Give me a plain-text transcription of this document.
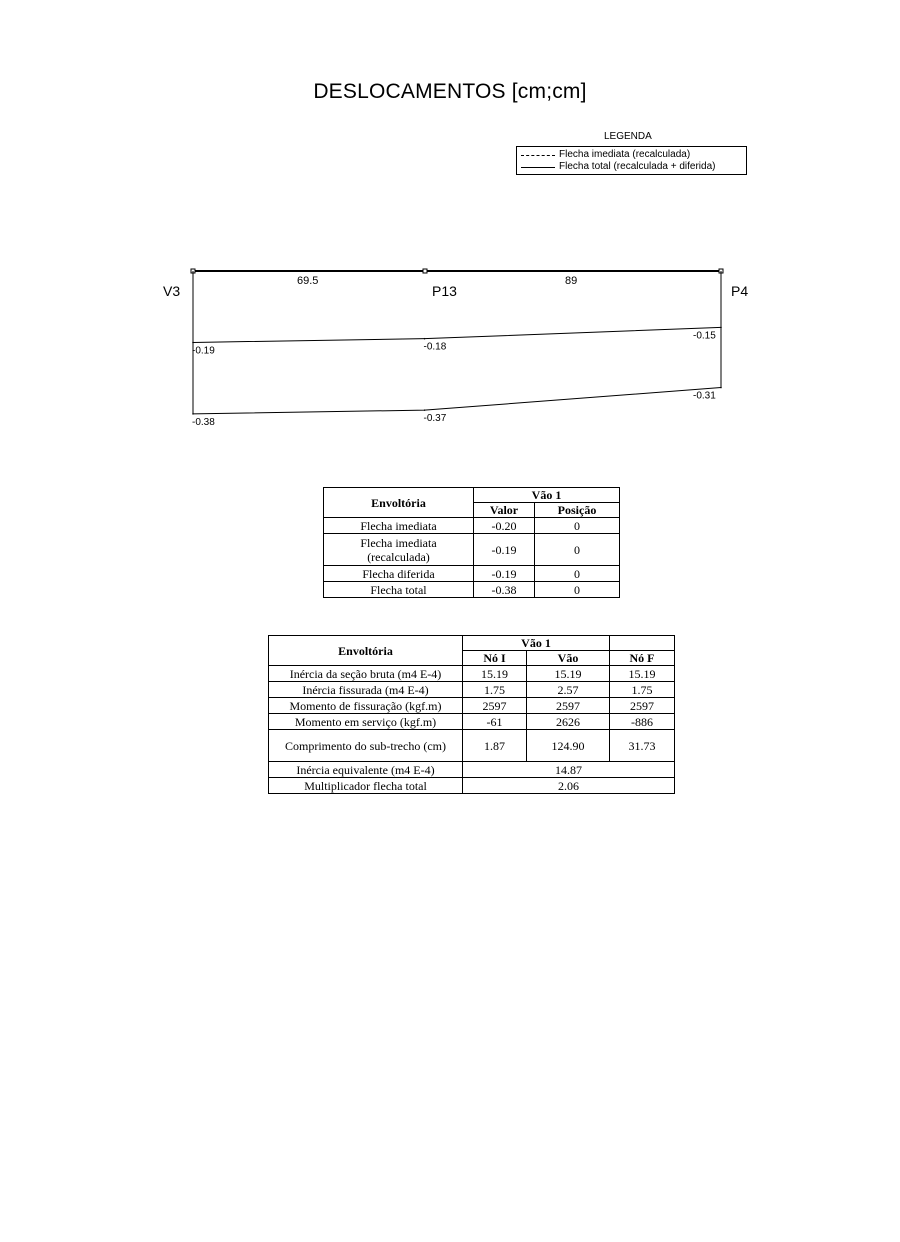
DESLOCAMENTOS [cm;cm]
LEGENDA
Flecha imediata (recalculada)
Flecha total (recalculada + diferida)
V3	P13	P4
69.5	89
-0.19	-0.18
-0.15
-0.38	-0.37
-0.31
Envoltória	Vão 1	
	Valor	Posição
Flecha imediata	-0.20	0
Flecha imediata (recalculada)	-0.19	0
Flecha diferida	-0.19	0
Flecha total	-0.38	0
Envoltória	Vão 1		
	Nó I	Vão	Nó F
Inércia da seção bruta (m4 E-4)	15.19	15.19	15.19
Inércia fissurada (m4 E-4)	1.75	2.57	1.75
Momento de fissuração (kgf.m)	2597	2597	2597
Momento em serviço (kgf.m)	-61	2626	-886
Comprimento do sub-trecho (cm)	1.87	124.90	31.73
Inércia equivalente (m4 E-4)	14.87		
Multiplicador flecha total	2.06		
